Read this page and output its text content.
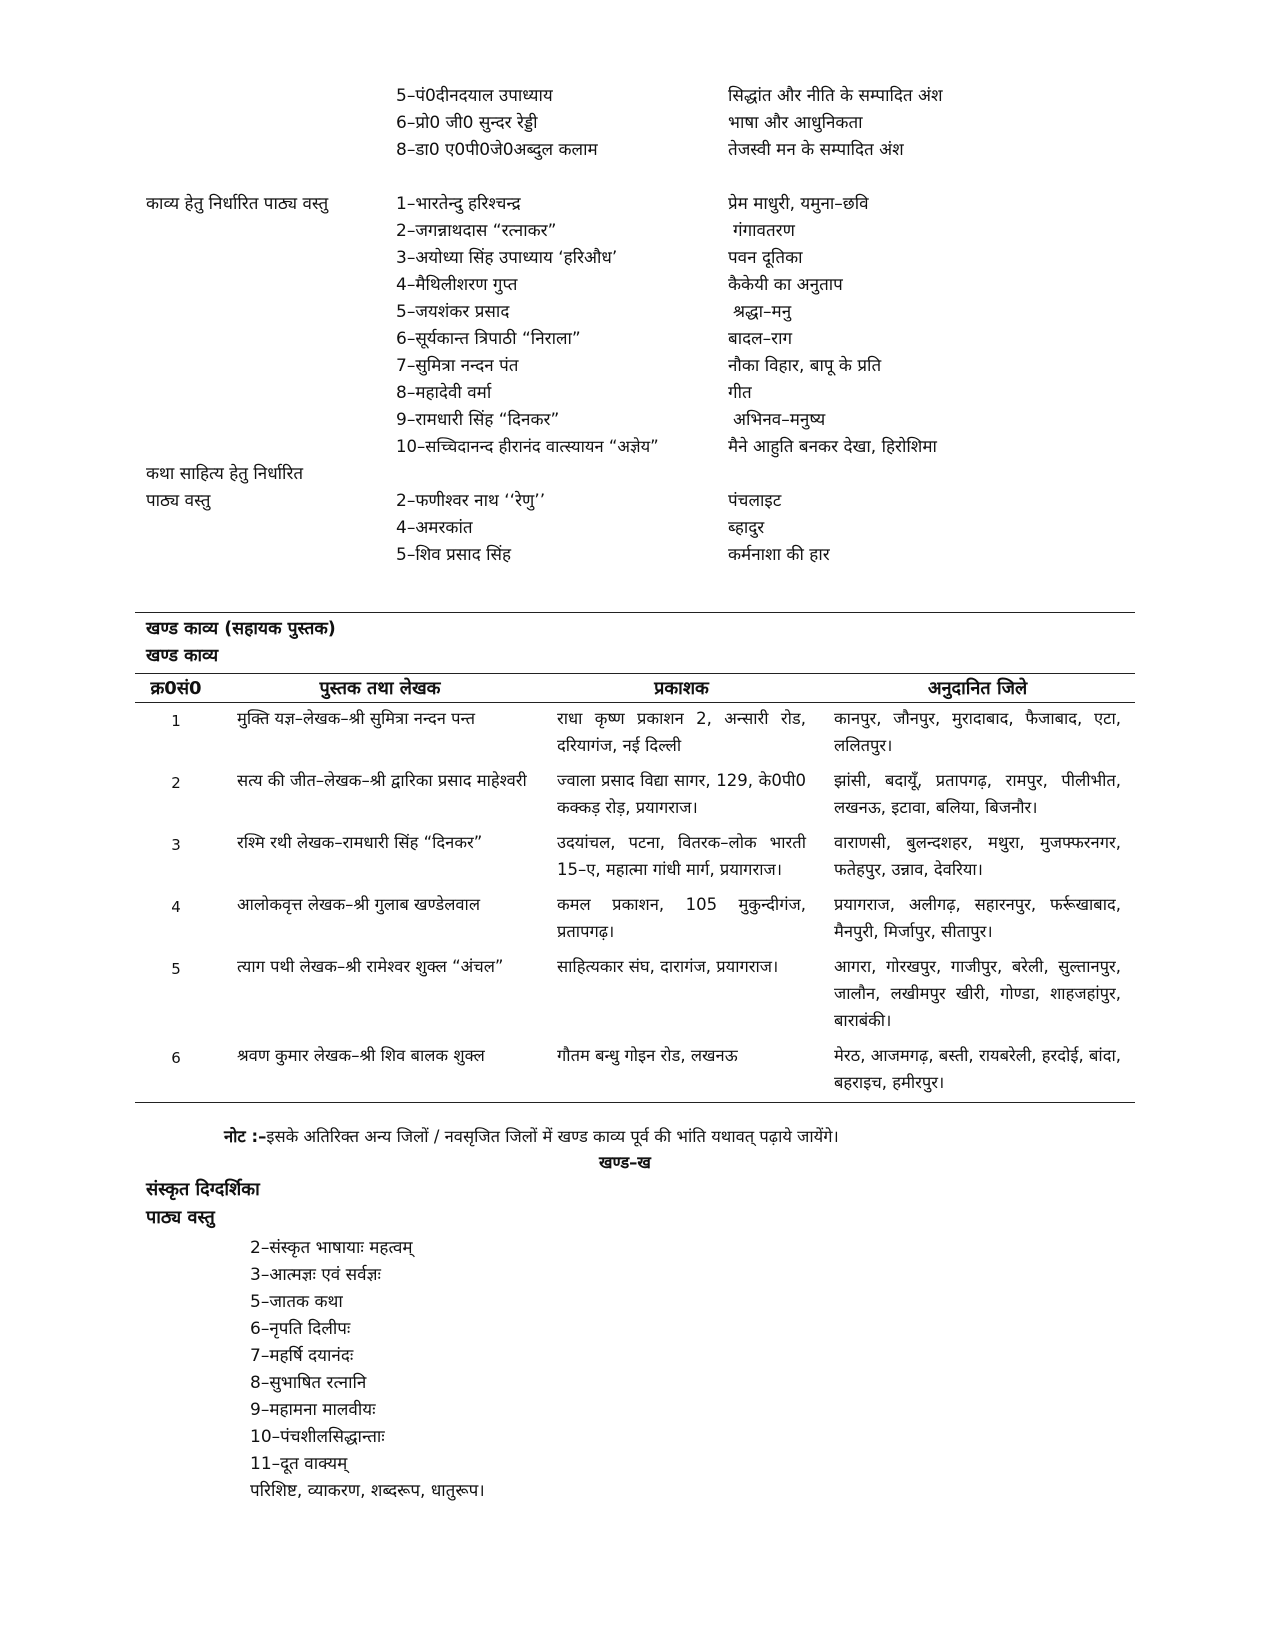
5–पं0दीनदयाल उपाध्याय	सिद्धांत और नीति के सम्पादित अंश
6–प्रो0 जी0 सुन्दर रेड्डी	भाषा और आधुनिकता
8–डा0 ए0पी0जे0अब्दुल कलाम	तेजस्वी मन के सम्पादित अंश
काव्य हेतु निर्धारित पाठ्य वस्तु	1–भारतेन्दु हरिश्चन्द्र	प्रेम माधुरी, यमुना–छवि
2–जगन्नाथदास “रत्नाकर”	गंगावतरण
3–अयोध्या सिंह उपाध्याय ‘हरिऔध’	पवन दूतिका
4–मैथिलीशरण गुप्त	कैकेयी का अनुताप
5–जयशंकर प्रसाद	श्रद्धा–मनु
6–सूर्यकान्त त्रिपाठी “निराला”	बादल–राग
7–सुमित्रा नन्दन पंत	नौका विहार, बापू के प्रति
8–महादेवी वर्मा	गीत
9–रामधारी सिंह “दिनकर”	अभिनव–मनुष्य
10–सच्चिदानन्द हीरानंद वात्स्यायन “अज्ञेय”	मैने आहुति बनकर देखा, हिरोशिमा
कथा साहित्य हेतु निर्धारित
पाठ्य वस्तु	2–फणीश्वर नाथ ‘‘रेणु’’	पंचलाइट
4–अमरकांत	ब्हादुर
5–शिव प्रसाद सिंह	कर्मनाशा की हार
खण्ड काव्य (सहायक पुस्तक)
खण्ड काव्य
क्र0सं0	पुस्तक तथा लेखक	प्रकाशक	अनुदानित जिले
1	मुक्ति यज्ञ–लेखक–श्री सुमित्रा नन्दन पन्त	राधा कृष्ण प्रकाशन 2, अन्सारी रोड, दरियागंज, नई दिल्ली	कानपुर, जौनपुर, मुरादाबाद, फैजाबाद, एटा, ललितपुर।
2	सत्य की जीत–लेखक–श्री द्वारिका प्रसाद माहेश्वरी	ज्वाला प्रसाद विद्या सागर, 129, के0पी0 कक्कड़ रोड़, प्रयागराज।	झांसी, बदायूँ, प्रतापगढ़, रामपुर, पीलीभीत, लखनऊ, इटावा, बलिया, बिजनौर।
3	रश्मि रथी लेखक–रामधारी सिंह “दिनकर”	उदयांचल, पटना, वितरक–लोक भारती 15–ए, महात्मा गांधी मार्ग, प्रयागराज।	वाराणसी, बुलन्दशहर, मथुरा, मुजफ्फरनगर, फतेहपुर, उन्नाव, देवरिया।
4	आलोकवृत्त लेखक–श्री गुलाब खण्डेलवाल	कमल प्रकाशन, 105 मुकुन्दीगंज, प्रतापगढ़।	प्रयागराज, अलीगढ़, सहारनपुर, फर्रूखाबाद, मैनपुरी, मिर्जापुर, सीतापुर।
5	त्याग पथी लेखक–श्री रामेश्वर शुक्ल “अंचल”	साहित्यकार संघ, दारागंज, प्रयागराज।	आगरा, गोरखपुर, गाजीपुर, बरेली, सुल्तानपुर, जालौन, लखीमपुर खीरी, गोण्डा, शाहजहांपुर, बाराबंकी।
6	श्रवण कुमार लेखक–श्री शिव बालक शुक्ल	गौतम बन्धु गोइन रोड, लखनऊ	मेरठ, आजमगढ़, बस्ती, रायबरेली, हरदोई, बांदा, बहराइच, हमीरपुर।
नोट :–इसके अतिरिक्त अन्य जिलों / नवसृजित जिलों में खण्ड काव्य पूर्व की भांति यथावत् पढ़ाये जायेंगे।
खण्ड–ख
संस्कृत दिग्दर्शिका
पाठ्य वस्तु
2–संस्कृत भाषायाः महत्वम्
3–आत्मज्ञः एवं सर्वज्ञः
5–जातक कथा
6–नृपति दिलीपः
7–महर्षि दयानंदः
8–सुभाषित रत्नानि
9–महामना मालवीयः
10–पंचशीलसिद्धान्ताः
11–दूत वाक्यम्
परिशिष्ट, व्याकरण, शब्दरूप, धातुरूप।
